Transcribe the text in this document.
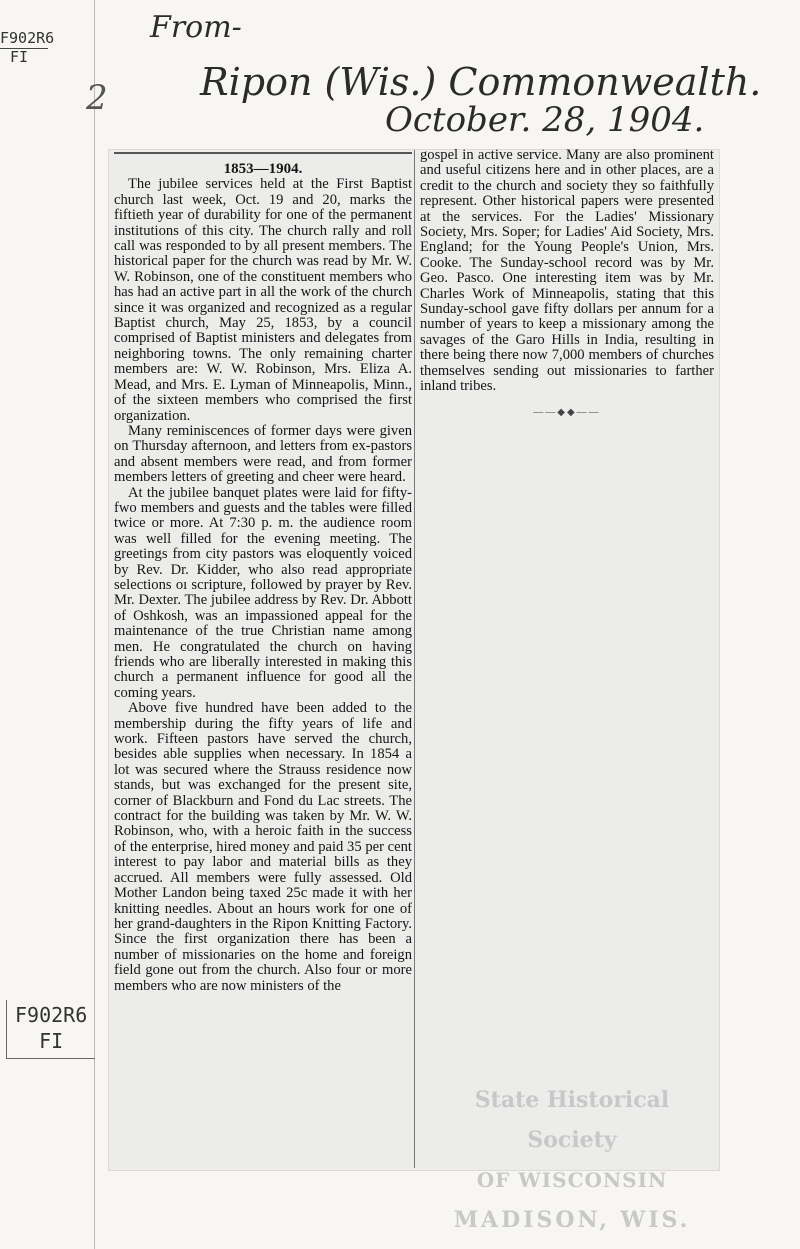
F902R6
FI
2
From-
Ripon (Wis.) Commonwealth.
October. 28, 1904.
F902R6
FI

1853—1904.

The jubilee services held at the First Baptist church last week, Oct. 19 and 20, marks the fiftieth year of durability for one of the permanent institutions of this city. The church rally and roll call was responded to by all present members. The historical paper for the church was read by Mr. W. W. Robinson, one of the constituent members who has had an active part in all the work of the church since it was organized and recognized as a regular Baptist church, May 25, 1853, by a council comprised of Baptist ministers and delegates from neighboring towns. The only remaining charter members are: W. W. Robinson, Mrs. Eliza A. Mead, and Mrs. E. Lyman of Minneapolis, Minn., of the sixteen members who comprised the first organization.

Many reminiscences of former days were given on Thursday afternoon, and letters from ex-pastors and absent members were read, and from former members letters of greeting and cheer were heard.

At the jubilee banquet plates were laid for fifty-fwo members and guests and the tables were filled twice or more. At 7:30 p. m. the audience room was well filled for the evening meeting. The greetings from city pastors was eloquently voiced by Rev. Dr. Kidder, who also read appropriate selections oı scripture, followed by prayer by Rev. Mr. Dexter. The jubilee address by Rev. Dr. Abbott of Oshkosh, was an impassioned appeal for the maintenance of the true Christian name among men. He congratulated the church on having friends who are liberally interested in making this church a permanent influence for good all the coming years.

Above five hundred have been added to the membership during the fifty years of life and work. Fifteen pastors have served the church, besides able supplies when necessary. In 1854 a lot was secured where the Strauss residence now stands, but was exchanged for the present site, corner of Blackburn and Fond du Lac streets. The contract for the building was taken by Mr. W. W. Robinson, who, with a heroic faith in the success of the enterprise, hired money and paid 35 per cent interest to pay labor and material bills as they accrued. All members were fully assessed. Old Mother Landon being taxed 25c made it with her knitting needles. About an hours work for one of her grand-daughters in the Ripon Knitting Factory. Since the first organization there has been a number of missionaries on the home and foreign field gone out from the church. Also four or more members who are now ministers of the

gospel in active service. Many are also prominent and useful citizens here and in other places, are a credit to the church and society they so faithfully represent. Other historical papers were presented at the services. For the Ladies' Missionary Society, Mrs. Soper; for Ladies' Aid Society, Mrs. England; for the Young People's Union, Mrs. Cooke. The Sunday-school record was by Mr. Geo. Pasco. One interesting item was by Mr. Charles Work of Minneapolis, stating that this Sunday-school gave fifty dollars per annum for a number of years to keep a missionary among the savages of the Garo Hills in India, resulting in there being there now 7,000 members of churches themselves sending out missionaries to farther inland tribes.

——◆◆——
State Historical Society
OF WISCONSIN
MADISON, WIS.
